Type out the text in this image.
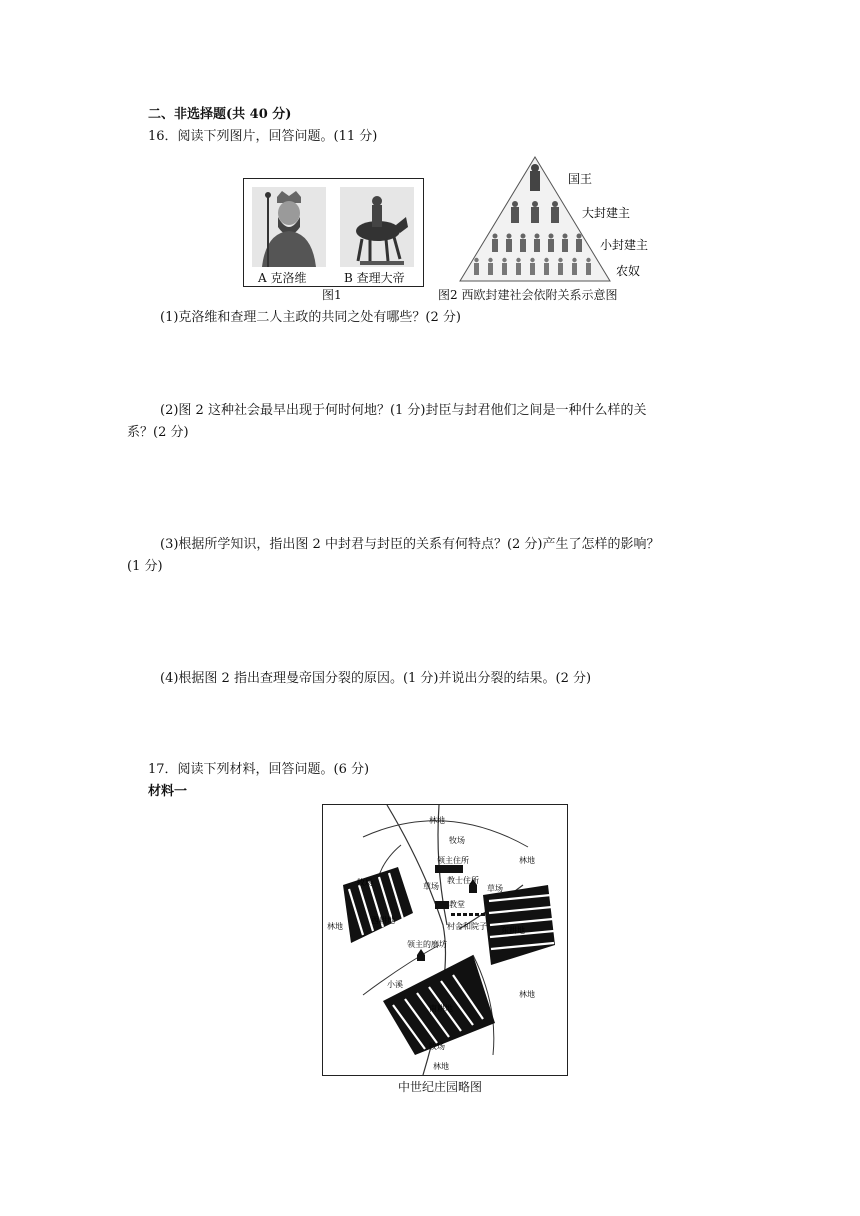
二、非选择题(共 40 分)
16．阅读下列图片，回答问题。(11 分)
A 克洛维	B 查理大帝
图1
国王
大封建主
小封建主
农奴
图2 西欧封建社会依附关系示意图
(1)克洛维和查理二人主政的共同之处有哪些？(2 分)
(2)图 2 这种社会最早出现于何时何地？(1 分)封臣与封君他们之间是一种什么样的关
系？(2 分)
(3)根据所学知识，指出图 2 中封君与封臣的关系有何特点？(2 分)产生了怎样的影响？
(1 分)
(4)根据图 2 指出查理曼帝国分裂的原因。(1 分)并说出分裂的结果。(2 分)
17．阅读下列材料，回答问题。(6 分)
材料一
林地
牧场
林地
领主住所
教士住所
教堂
林地
牧场
西耕地
草场	草场
东耕地
领主的磨坊
村舍和院子
小溪
南耕地
林地
牧场
林地
中世纪庄园略图
